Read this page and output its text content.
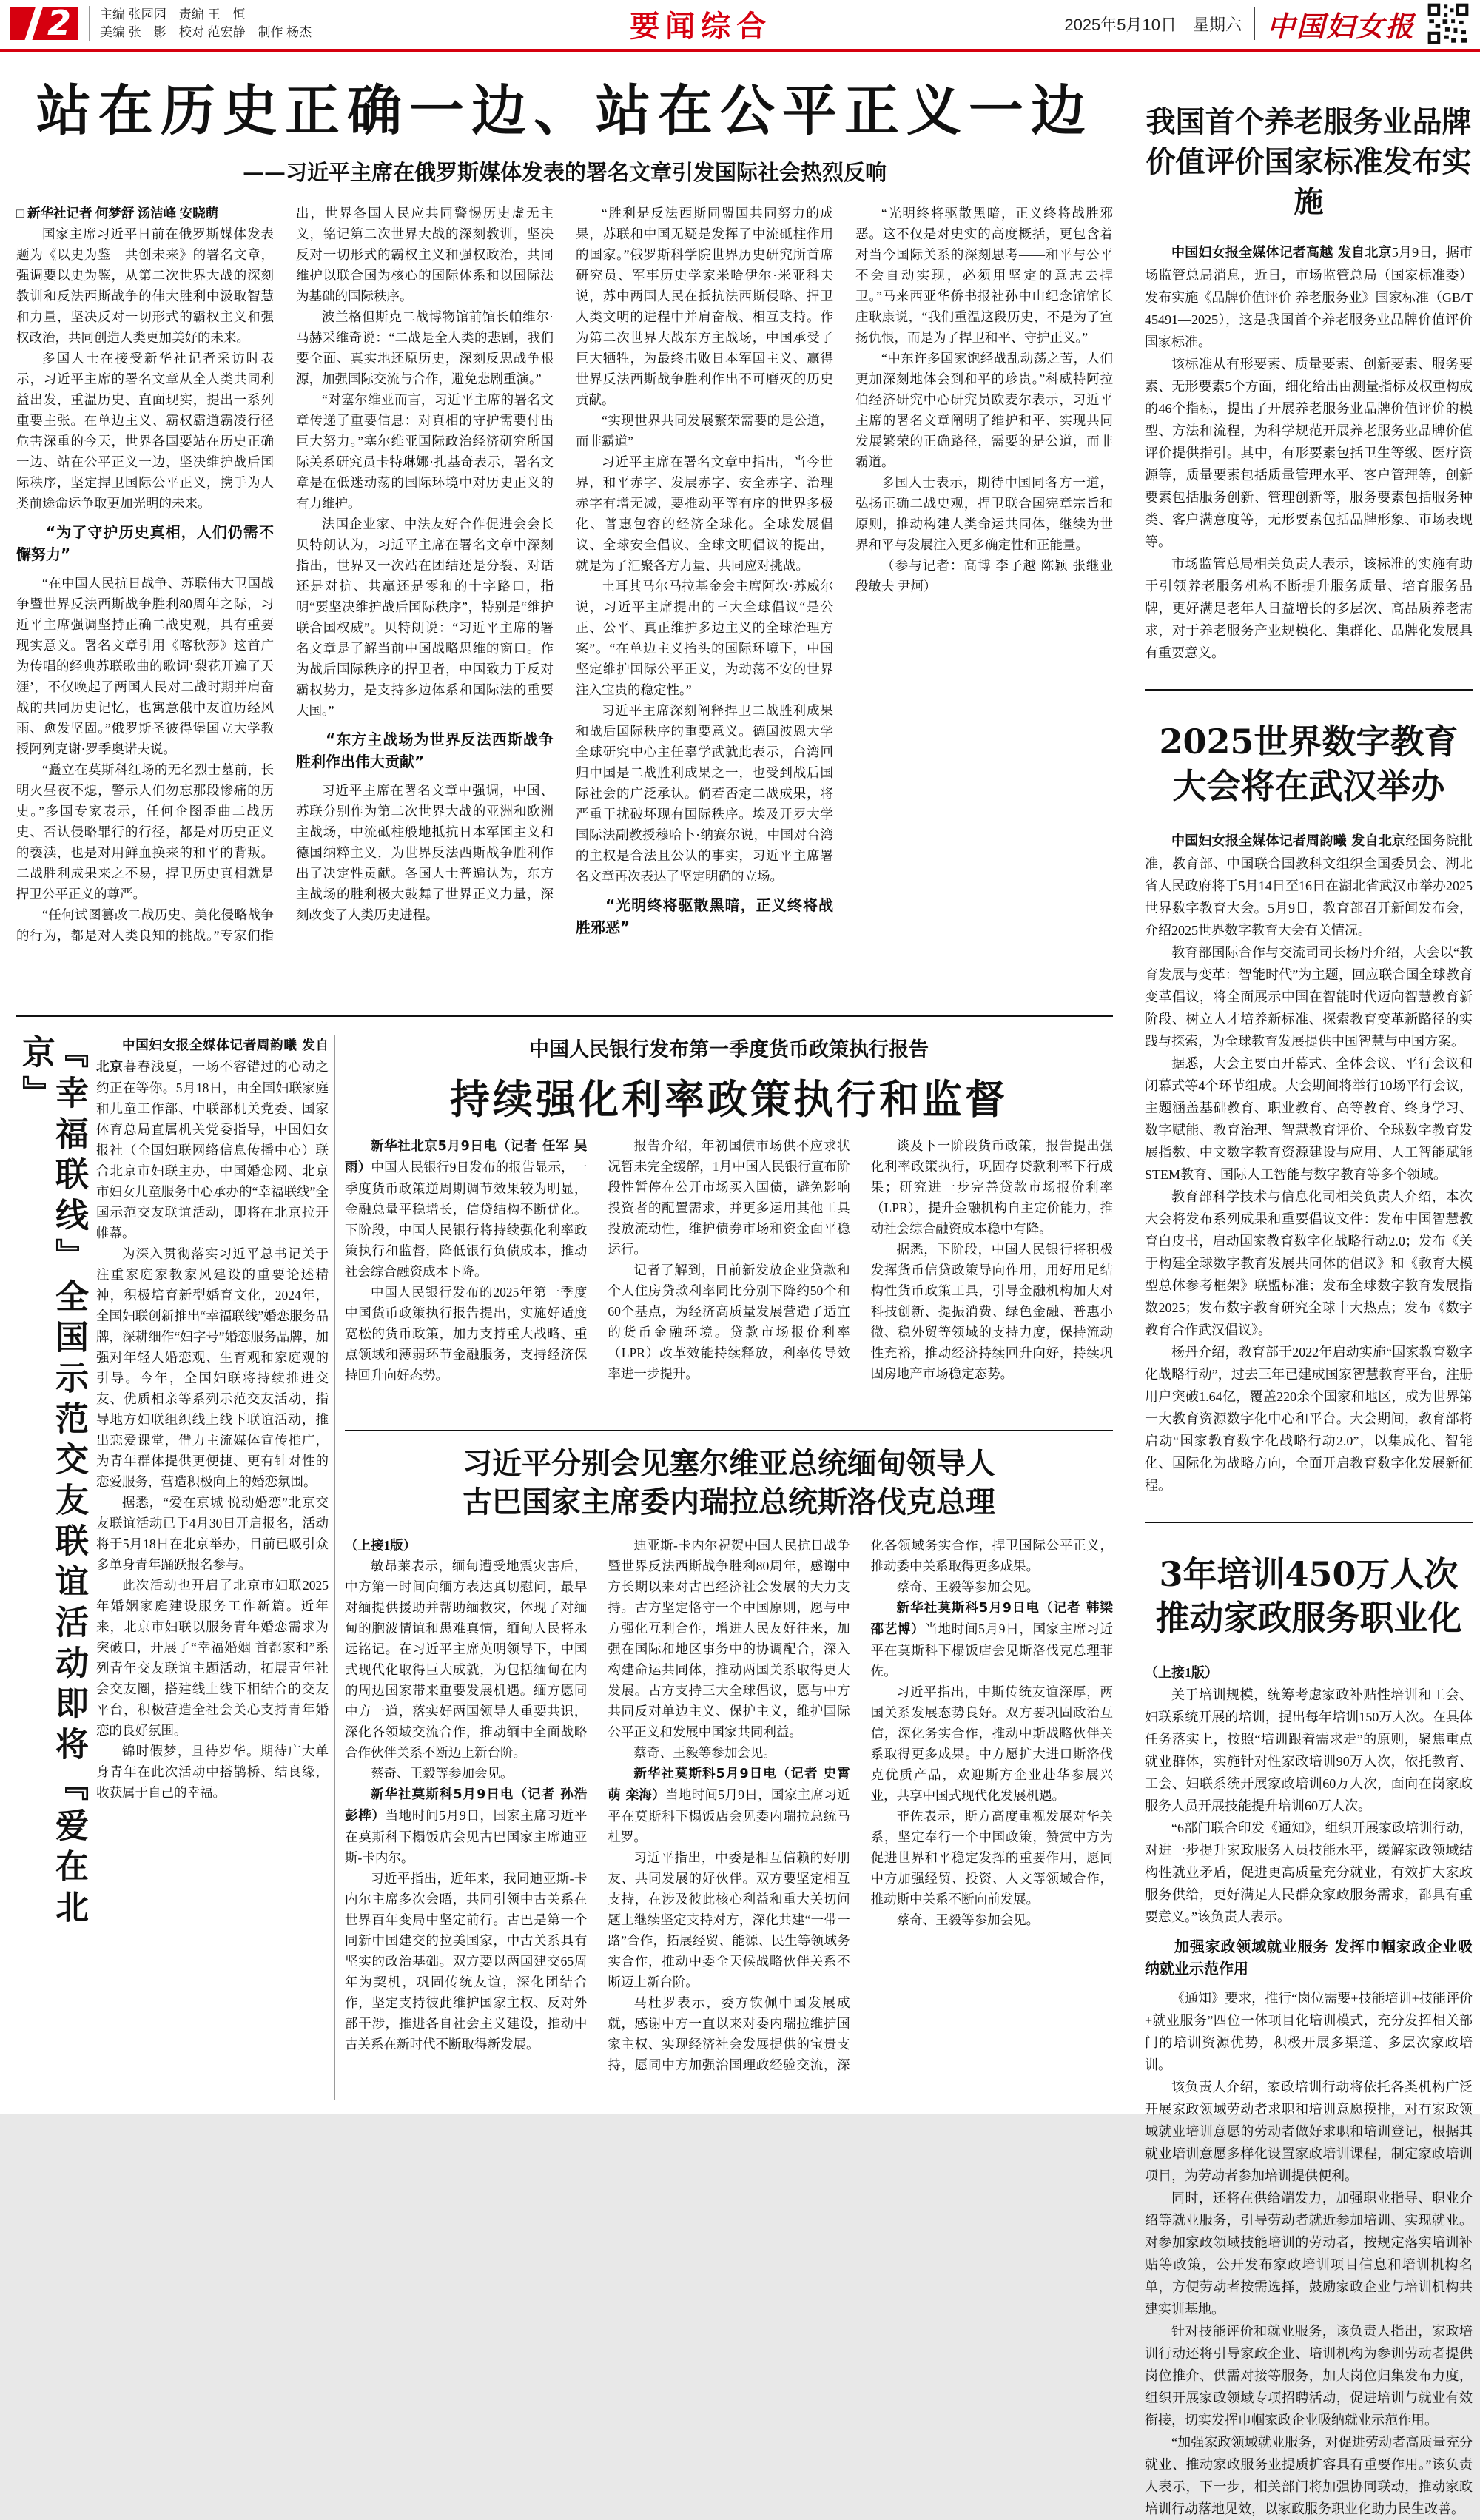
2 主编 张园园　责编 王　恒
美编 张　影　校对 范宏静　制作 杨杰	要闻综合	2025年5月10日　星期六 中国妇女报
站在历史正确一边、站在公平正义一边

——习近平主席在俄罗斯媒体发表的署名文章引发国际社会热烈反响

□ 新华社记者 何梦舒 汤洁峰 安晓萌

国家主席习近平日前在俄罗斯媒体发表题为《以史为鉴　共创未来》的署名文章，强调要以史为鉴，从第二次世界大战的深刻教训和反法西斯战争的伟大胜利中汲取智慧和力量，坚决反对一切形式的霸权主义和强权政治，共同创造人类更加美好的未来。

多国人士在接受新华社记者采访时表示，习近平主席的署名文章从全人类共同利益出发，重温历史、直面现实，提出一系列重要主张。在单边主义、霸权霸道霸凌行径危害深重的今天，世界各国要站在历史正确一边、站在公平正义一边，坚决维护战后国际秩序，坚定捍卫国际公平正义，携手为人类前途命运争取更加光明的未来。

“为了守护历史真相，人们仍需不懈努力”

“在中国人民抗日战争、苏联伟大卫国战争暨世界反法西斯战争胜利80周年之际，习近平主席强调坚持正确二战史观，具有重要现实意义。署名文章引用《喀秋莎》这首广为传唱的经典苏联歌曲的歌词‘梨花开遍了天涯’，不仅唤起了两国人民对二战时期并肩奋战的共同历史记忆，也寓意俄中友谊历经风雨、愈发坚固。”俄罗斯圣彼得堡国立大学教授阿列克谢·罗季奥诺夫说。

“矗立在莫斯科红场的无名烈士墓前，长明火昼夜不熄，警示人们勿忘那段惨痛的历史。”多国专家表示，任何企图歪曲二战历史、否认侵略罪行的行径，都是对历史正义的亵渎，也是对用鲜血换来的和平的背叛。二战胜利成果来之不易，捍卫历史真相就是捍卫公平正义的尊严。

“任何试图篡改二战历史、美化侵略战争的行为，都是对人类良知的挑战。”专家们指出，世界各国人民应共同警惕历史虚无主义，铭记第二次世界大战的深刻教训，坚决反对一切形式的霸权主义和强权政治，共同维护以联合国为核心的国际体系和以国际法为基础的国际秩序。

波兰格但斯克二战博物馆前馆长帕维尔·马赫采维奇说：“二战是全人类的悲剧，我们要全面、真实地还原历史，深刻反思战争根源，加强国际交流与合作，避免悲剧重演。”

“对塞尔维亚而言，习近平主席的署名文章传递了重要信息：对真相的守护需要付出巨大努力。”塞尔维亚国际政治经济研究所国际关系研究员卡特琳娜·扎基奇表示，署名文章是在低迷动荡的国际环境中对历史正义的有力维护。

法国企业家、中法友好合作促进会会长贝特朗认为，习近平主席在署名文章中深刻指出，世界又一次站在团结还是分裂、对话还是对抗、共赢还是零和的十字路口，指明“要坚决维护战后国际秩序”，特别是“维护联合国权威”。贝特朗说：“习近平主席的署名文章是了解当前中国战略思维的窗口。作为战后国际秩序的捍卫者，中国致力于反对霸权势力，是支持多边体系和国际法的重要大国。”

“东方主战场为世界反法西斯战争胜利作出伟大贡献”

习近平主席在署名文章中强调，中国、苏联分别作为第二次世界大战的亚洲和欧洲主战场，中流砥柱般地抵抗日本军国主义和德国纳粹主义，为世界反法西斯战争胜利作出了决定性贡献。各国人士普遍认为，东方主战场的胜利极大鼓舞了世界正义力量，深刻改变了人类历史进程。

“胜利是反法西斯同盟国共同努力的成果，苏联和中国无疑是发挥了中流砥柱作用的国家。”俄罗斯科学院世界历史研究所首席研究员、军事历史学家米哈伊尔·米亚科夫说，苏中两国人民在抵抗法西斯侵略、捍卫人类文明的进程中并肩奋战、相互支持。作为第二次世界大战东方主战场，中国承受了巨大牺牲，为最终击败日本军国主义、赢得世界反法西斯战争胜利作出不可磨灭的历史贡献。

“实现世界共同发展繁荣需要的是公道，而非霸道”

习近平主席在署名文章中指出，当今世界，和平赤字、发展赤字、安全赤字、治理赤字有增无减，要推动平等有序的世界多极化、普惠包容的经济全球化。全球发展倡议、全球安全倡议、全球文明倡议的提出，就是为了汇聚各方力量、共同应对挑战。

土耳其马尔马拉基金会主席阿坎·苏威尔说，习近平主席提出的三大全球倡议“是公正、公平、真正维护多边主义的全球治理方案”。“在单边主义抬头的国际环境下，中国坚定维护国际公平正义，为动荡不安的世界注入宝贵的稳定性。”

习近平主席深刻阐释捍卫二战胜利成果和战后国际秩序的重要意义。德国波恩大学全球研究中心主任辜学武就此表示，台湾回归中国是二战胜利成果之一，也受到战后国际社会的广泛承认。倘若否定二战成果，将严重干扰破坏现有国际秩序。埃及开罗大学国际法副教授穆哈卜·纳赛尔说，中国对台湾的主权是合法且公认的事实，习近平主席署名文章再次表达了坚定明确的立场。

“光明终将驱散黑暗，正义终将战胜邪恶”

“光明终将驱散黑暗，正义终将战胜邪恶。这不仅是对史实的高度概括，更包含着对当今国际关系的深刻思考——和平与公平不会自动实现，必须用坚定的意志去捍卫。”马来西亚华侨书报社孙中山纪念馆馆长庄耿康说，“我们重温这段历史，不是为了宣扬仇恨，而是为了捍卫和平、守护正义。”

“中东许多国家饱经战乱动荡之苦，人们更加深刻地体会到和平的珍贵。”科威特阿拉伯经济研究中心研究员欧麦尔表示，习近平主席的署名文章阐明了维护和平、实现共同发展繁荣的正确路径，需要的是公道，而非霸道。

多国人士表示，期待中国同各方一道，弘扬正确二战史观，捍卫联合国宪章宗旨和原则，推动构建人类命运共同体，继续为世界和平与发展注入更多确定性和正能量。

（参与记者：高博 李子越 陈颖 张继业 段敏夫 尹炣）

『幸福联线』全国示范交友联谊活动即将『爱在北京』	中国妇女报全媒体记者周韵曦 发自北京暮春浅夏，一场不容错过的心动之约正在等你。5月18日，由全国妇联家庭和儿童工作部、中联部机关党委、国家体育总局直属机关党委指导，中国妇女报社（全国妇联网络信息传播中心）联合北京市妇联主办，中国婚恋网、北京市妇女儿童服务中心承办的“幸福联线”全国示范交友联谊活动，即将在北京拉开帷幕。

为深入贯彻落实习近平总书记关于注重家庭家教家风建设的重要论述精神，积极培育新型婚育文化，2024年，全国妇联创新推出“幸福联线”婚恋服务品牌，深耕细作“妇字号”婚恋服务品牌，加强对年轻人婚恋观、生育观和家庭观的引导。今年，全国妇联将持续推进交友、优质相亲等系列示范交友活动，指导地方妇联组织线上线下联谊活动，推出恋爱课堂，借力主流媒体宣传推广，为青年群体提供更便捷、更有针对性的恋爱服务，营造积极向上的婚恋氛围。

据悉，“爱在京城 悦动婚恋”北京交友联谊活动已于4月30日开启报名，活动将于5月18日在北京举办，目前已吸引众多单身青年踊跃报名参与。

此次活动也开启了北京市妇联2025年婚姻家庭建设服务工作新篇。近年来，北京市妇联以服务青年婚恋需求为突破口，开展了“幸福婚姻 首都家和”系列青年交友联谊主题活动，拓展青年社会交友圈，搭建线上线下相结合的交友平台，积极营造全社会关心支持青年婚恋的良好氛围。

锦时假梦，且待岁华。期待广大单身青年在此次活动中搭鹊桥、结良缘，收获属于自己的幸福。

中国人民银行发布第一季度货币政策执行报告

持续强化利率政策执行和监督

新华社北京5月9日电（记者 任军 吴雨）中国人民银行9日发布的报告显示，一季度货币政策逆周期调节效果较为明显，金融总量平稳增长，信贷结构不断优化。下阶段，中国人民银行将持续强化利率政策执行和监督，降低银行负债成本，推动社会综合融资成本下降。

中国人民银行发布的2025年第一季度中国货币政策执行报告提出，实施好适度宽松的货币政策，加力支持重大战略、重点领域和薄弱环节金融服务，支持经济保持回升向好态势。

报告介绍，年初国债市场供不应求状况暂未完全缓解，1月中国人民银行宣布阶段性暂停在公开市场买入国债，避免影响投资者的配置需求，并更多运用其他工具投放流动性，维护债券市场和资金面平稳运行。

记者了解到，目前新发放企业贷款和个人住房贷款利率同比分别下降约50个和60个基点，为经济高质量发展营造了适宜的货币金融环境。贷款市场报价利率（LPR）改革效能持续释放，利率传导效率进一步提升。

谈及下一阶段货币政策，报告提出强化利率政策执行，巩固存贷款利率下行成果；研究进一步完善贷款市场报价利率（LPR），提升金融机构自主定价能力，推动社会综合融资成本稳中有降。

据悉，下阶段，中国人民银行将积极发挥货币信贷政策导向作用，用好用足结构性货币政策工具，引导金融机构加大对科技创新、提振消费、绿色金融、普惠小微、稳外贸等领域的支持力度，保持流动性充裕，推动经济持续回升向好，持续巩固房地产市场稳定态势。

习近平分别会见塞尔维亚总统缅甸领导人
古巴国家主席委内瑞拉总统斯洛伐克总理

（上接1版）

敏昂莱表示，缅甸遭受地震灾害后，中方第一时间向缅方表达真切慰问，最早对缅提供援助并帮助缅救灾，体现了对缅甸的胞波情谊和患难真情，缅甸人民将永远铭记。在习近平主席英明领导下，中国式现代化取得巨大成就，为包括缅甸在内的周边国家带来重要发展机遇。缅方愿同中方一道，落实好两国领导人重要共识，深化各领域交流合作，推动缅中全面战略合作伙伴关系不断迈上新台阶。

蔡奇、王毅等参加会见。

新华社莫斯科5月9日电（记者 孙浩 彭桦）当地时间5月9日，国家主席习近平在莫斯科下榻饭店会见古巴国家主席迪亚斯-卡内尔。

习近平指出，近年来，我同迪亚斯-卡内尔主席多次会晤，共同引领中古关系在世界百年变局中坚定前行。古巴是第一个同新中国建交的拉美国家，中古关系具有坚实的政治基础。双方要以两国建交65周年为契机，巩固传统友谊，深化团结合作，坚定支持彼此维护国家主权、反对外部干涉，推进各自社会主义建设，推动中古关系在新时代不断取得新发展。

迪亚斯-卡内尔祝贺中国人民抗日战争暨世界反法西斯战争胜利80周年，感谢中方长期以来对古巴经济社会发展的大力支持。古方坚定恪守一个中国原则，愿与中方强化互利合作，增进人民友好往来，加强在国际和地区事务中的协调配合，深入构建命运共同体，推动两国关系取得更大发展。古方支持三大全球倡议，愿与中方共同反对单边主义、保护主义，维护国际公平正义和发展中国家共同利益。

蔡奇、王毅等参加会见。

新华社莫斯科5月9日电（记者 史霄萌 栾海）当地时间5月9日，国家主席习近平在莫斯科下榻饭店会见委内瑞拉总统马杜罗。

习近平指出，中委是相互信赖的好朋友、共同发展的好伙伴。双方要坚定相互支持，在涉及彼此核心利益和重大关切问题上继续坚定支持对方，深化共建“一带一路”合作，拓展经贸、能源、民生等领域务实合作，推动中委全天候战略伙伴关系不断迈上新台阶。

马杜罗表示，委方钦佩中国发展成就，感谢中方一直以来对委内瑞拉维护国家主权、实现经济社会发展提供的宝贵支持，愿同中方加强治国理政经验交流，深化各领域务实合作，捍卫国际公平正义，推动委中关系取得更多成果。

蔡奇、王毅等参加会见。

新华社莫斯科5月9日电（记者 韩梁 邵艺博）当地时间5月9日，国家主席习近平在莫斯科下榻饭店会见斯洛伐克总理菲佐。

习近平指出，中斯传统友谊深厚，两国关系发展态势良好。双方要巩固政治互信，深化务实合作，推动中斯战略伙伴关系取得更多成果。中方愿扩大进口斯洛伐克优质产品，欢迎斯方企业赴华参展兴业，共享中国式现代化发展机遇。

菲佐表示，斯方高度重视发展对华关系，坚定奉行一个中国政策，赞赏中方为促进世界和平稳定发挥的重要作用，愿同中方加强经贸、投资、人文等领域合作，推动斯中关系不断向前发展。

蔡奇、王毅等参加会见。

我国首个养老服务业品牌价值评价国家标准发布实施

中国妇女报全媒体记者高越 发自北京5月9日，据市场监管总局消息，近日，市场监管总局（国家标准委）发布实施《品牌价值评价 养老服务业》国家标准（GB/T 45491—2025），这是我国首个养老服务业品牌价值评价国家标准。

该标准从有形要素、质量要素、创新要素、服务要素、无形要素5个方面，细化给出由测量指标及权重构成的46个指标，提出了开展养老服务业品牌价值评价的模型、方法和流程，为科学规范开展养老服务业品牌价值评价提供指引。其中，有形要素包括卫生等级、医疗资源等，质量要素包括质量管理水平、客户管理等，创新要素包括服务创新、管理创新等，服务要素包括服务种类、客户满意度等，无形要素包括品牌形象、市场表现等。

市场监管总局相关负责人表示，该标准的实施有助于引领养老服务机构不断提升服务质量、培育服务品牌，更好满足老年人日益增长的多层次、高品质养老需求，对于养老服务产业规模化、集群化、品牌化发展具有重要意义。

2025世界数字教育
大会将在武汉举办

中国妇女报全媒体记者周韵曦 发自北京经国务院批准，教育部、中国联合国教科文组织全国委员会、湖北省人民政府将于5月14日至16日在湖北省武汉市举办2025世界数字教育大会。5月9日，教育部召开新闻发布会，介绍2025世界数字教育大会有关情况。

教育部国际合作与交流司司长杨丹介绍，大会以“教育发展与变革：智能时代”为主题，回应联合国全球教育变革倡议，将全面展示中国在智能时代迈向智慧教育新阶段、树立人才培养新标准、探索教育变革新路径的实践与探索，为全球教育发展提供中国智慧与中国方案。

据悉，大会主要由开幕式、全体会议、平行会议和闭幕式等4个环节组成。大会期间将举行10场平行会议，主题涵盖基础教育、职业教育、高等教育、终身学习、数字赋能、教育治理、智慧教育评价、全球数字教育发展指数、中文数字教育资源建设与应用、人工智能赋能STEM教育、国际人工智能与数字教育等多个领域。

教育部科学技术与信息化司相关负责人介绍，本次大会将发布系列成果和重要倡议文件：发布中国智慧教育白皮书，启动国家教育数字化战略行动2.0；发布《关于构建全球数字教育发展共同体的倡议》和《教育大模型总体参考框架》联盟标准；发布全球数字教育发展指数2025；发布数字教育研究全球十大热点；发布《数字教育合作武汉倡议》。

杨丹介绍，教育部于2022年启动实施“国家教育数字化战略行动”，过去三年已建成国家智慧教育平台，注册用户突破1.64亿，覆盖220余个国家和地区，成为世界第一大教育资源数字化中心和平台。大会期间，教育部将启动“国家教育数字化战略行动2.0”，以集成化、智能化、国际化为战略方向，全面开启教育数字化发展新征程。

3年培训450万人次
推动家政服务职业化

（上接1版）

关于培训规模，统筹考虑家政补贴性培训和工会、妇联系统开展的培训，提出每年培训150万人次。在具体任务落实上，按照“培训跟着需求走”的原则，聚焦重点就业群体，实施针对性家政培训90万人次，依托教育、工会、妇联系统开展家政培训60万人次，面向在岗家政服务人员开展技能提升培训60万人次。

“6部门联合印发《通知》，组织开展家政培训行动，对进一步提升家政服务人员技能水平，缓解家政领域结构性就业矛盾，促进更高质量充分就业，有效扩大家政服务供给，更好满足人民群众家政服务需求，都具有重要意义。”该负责人表示。

加强家政领域就业服务 发挥巾帼家政企业吸纳就业示范作用

《通知》要求，推行“岗位需要+技能培训+技能评价+就业服务”四位一体项目化培训模式，充分发挥相关部门的培训资源优势，积极开展多渠道、多层次家政培训。

该负责人介绍，家政培训行动将依托各类机构广泛开展家政领域劳动者求职和培训意愿摸排，对有家政领域就业培训意愿的劳动者做好求职和培训登记，根据其就业培训意愿多样化设置家政培训课程，制定家政培训项目，为劳动者参加培训提供便利。

同时，还将在供给端发力，加强职业指导、职业介绍等就业服务，引导劳动者就近参加培训、实现就业。对参加家政领域技能培训的劳动者，按规定落实培训补贴等政策，公开发布家政培训项目信息和培训机构名单，方便劳动者按需选择，鼓励家政企业与培训机构共建实训基地。

针对技能评价和就业服务，该负责人指出，家政培训行动还将引导家政企业、培训机构为参训劳动者提供岗位推介、供需对接等服务，加大岗位归集发布力度，组织开展家政领域专项招聘活动，促进培训与就业有效衔接，切实发挥巾帼家政企业吸纳就业示范作用。

“加强家政领域就业服务，对促进劳动者高质量充分就业、推动家政服务业提质扩容具有重要作用。”该负责人表示，下一步，相关部门将加强协同联动，推动家政培训行动落地见效，以家政服务职业化助力民生改善。
